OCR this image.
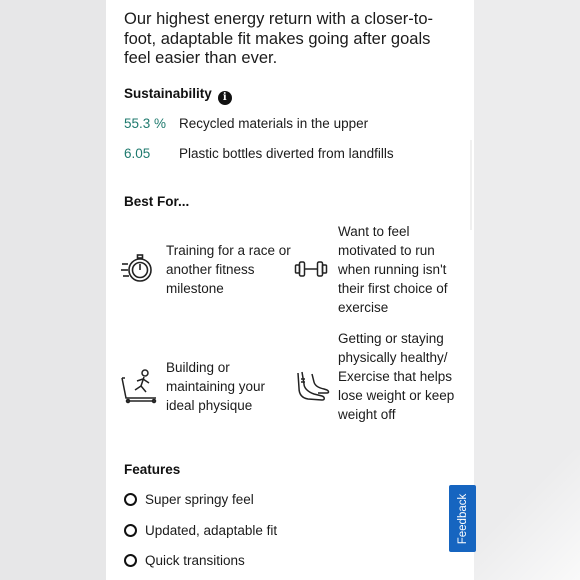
Our highest energy return with a closer-to-foot, adaptable fit makes going after goals feel easier than ever.

Sustainability i
55.3 % Recycled materials in the upper
6.05 Plastic bottles diverted from landfills
Best For...
Training for a race or another fitness milestone
Want to feel motivated to run when running isn't their first choice of exercise
Building or maintaining your ideal physique
Getting or staying physically healthy/ Exercise that helps lose weight or keep weight off
Features
Super springy feel
Updated, adaptable fit
Quick transitions
Feedback
